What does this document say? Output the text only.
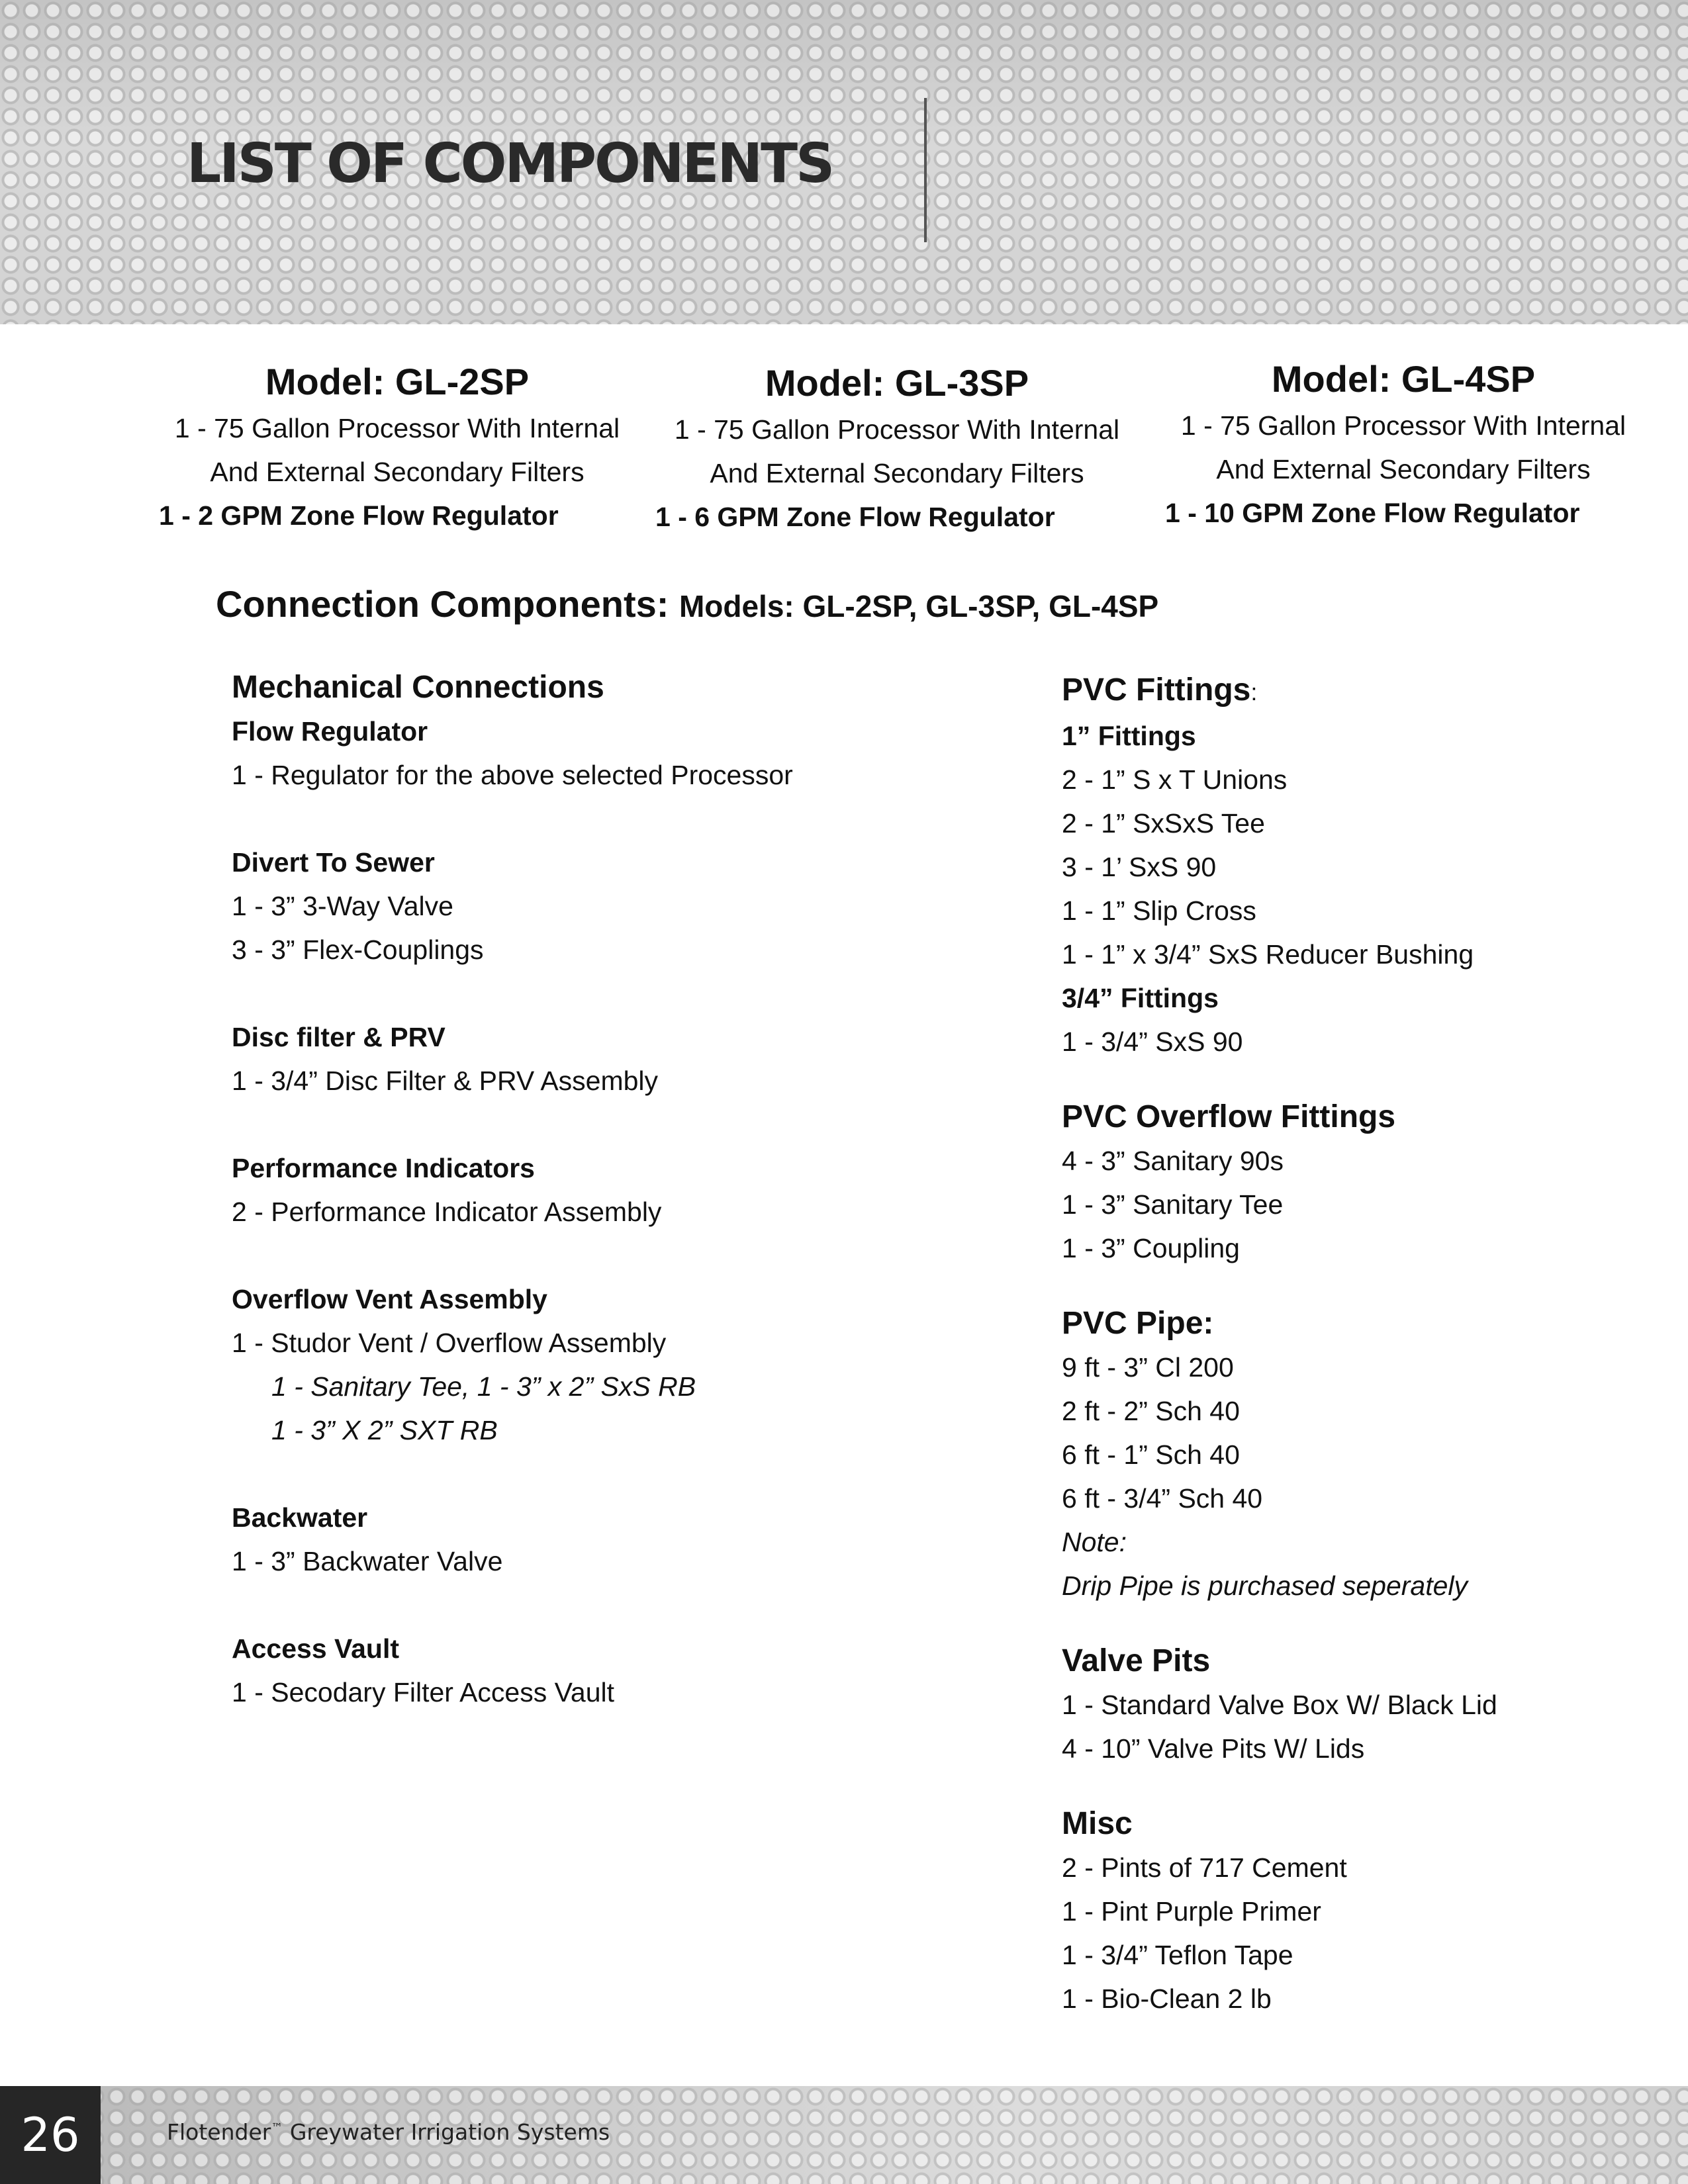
LIST OF COMPONENTS
Model: GL-2SP
1 - 75 Gallon Processor With Internal
And External Secondary Filters
1 - 2 GPM Zone Flow Regulator
Model: GL-3SP
1 - 75 Gallon Processor With Internal
And External Secondary Filters
1 - 6 GPM Zone Flow Regulator
Model: GL-4SP
1 - 75 Gallon Processor With Internal
And External Secondary Filters
1 - 10 GPM Zone Flow Regulator
Connection Components: Models: GL-2SP, GL-3SP, GL-4SP
Mechanical Connections
Flow Regulator
1 - Regulator for the above selected Processor
Divert To Sewer
1 - 3” 3-Way Valve
3 - 3” Flex-Couplings
Disc filter & PRV
1 - 3/4” Disc Filter & PRV Assembly
Performance Indicators
2 - Performance Indicator Assembly
Overflow Vent Assembly
1 - Studor Vent / Overflow Assembly
1 - Sanitary Tee, 1 - 3” x 2” SxS RB
1 - 3” X 2” SXT RB
Backwater
1 - 3” Backwater Valve
Access Vault
1 - Secodary Filter Access Vault
PVC Fittings:
1” Fittings
2 - 1” S x T Unions
2 - 1” SxSxS Tee
3 - 1’ SxS 90
1 - 1” Slip Cross
1 - 1” x 3/4” SxS Reducer Bushing
3/4” Fittings
1 - 3/4” SxS 90
PVC Overflow Fittings
4 - 3” Sanitary 90s
1 - 3” Sanitary Tee
1 - 3” Coupling
PVC Pipe:
9 ft - 3” Cl 200
2 ft - 2” Sch 40
6 ft - 1” Sch 40
6 ft - 3/4” Sch 40
Note:
Drip Pipe is purchased seperately
Valve Pits
1 - Standard Valve Box W/ Black Lid
4 - 10” Valve Pits W/ Lids
Misc
2 - Pints of 717 Cement
1 - Pint Purple Primer
1 - 3/4” Teflon Tape
1 - Bio-Clean 2 lb
26	Flotender™ Greywater Irrigation Systems
